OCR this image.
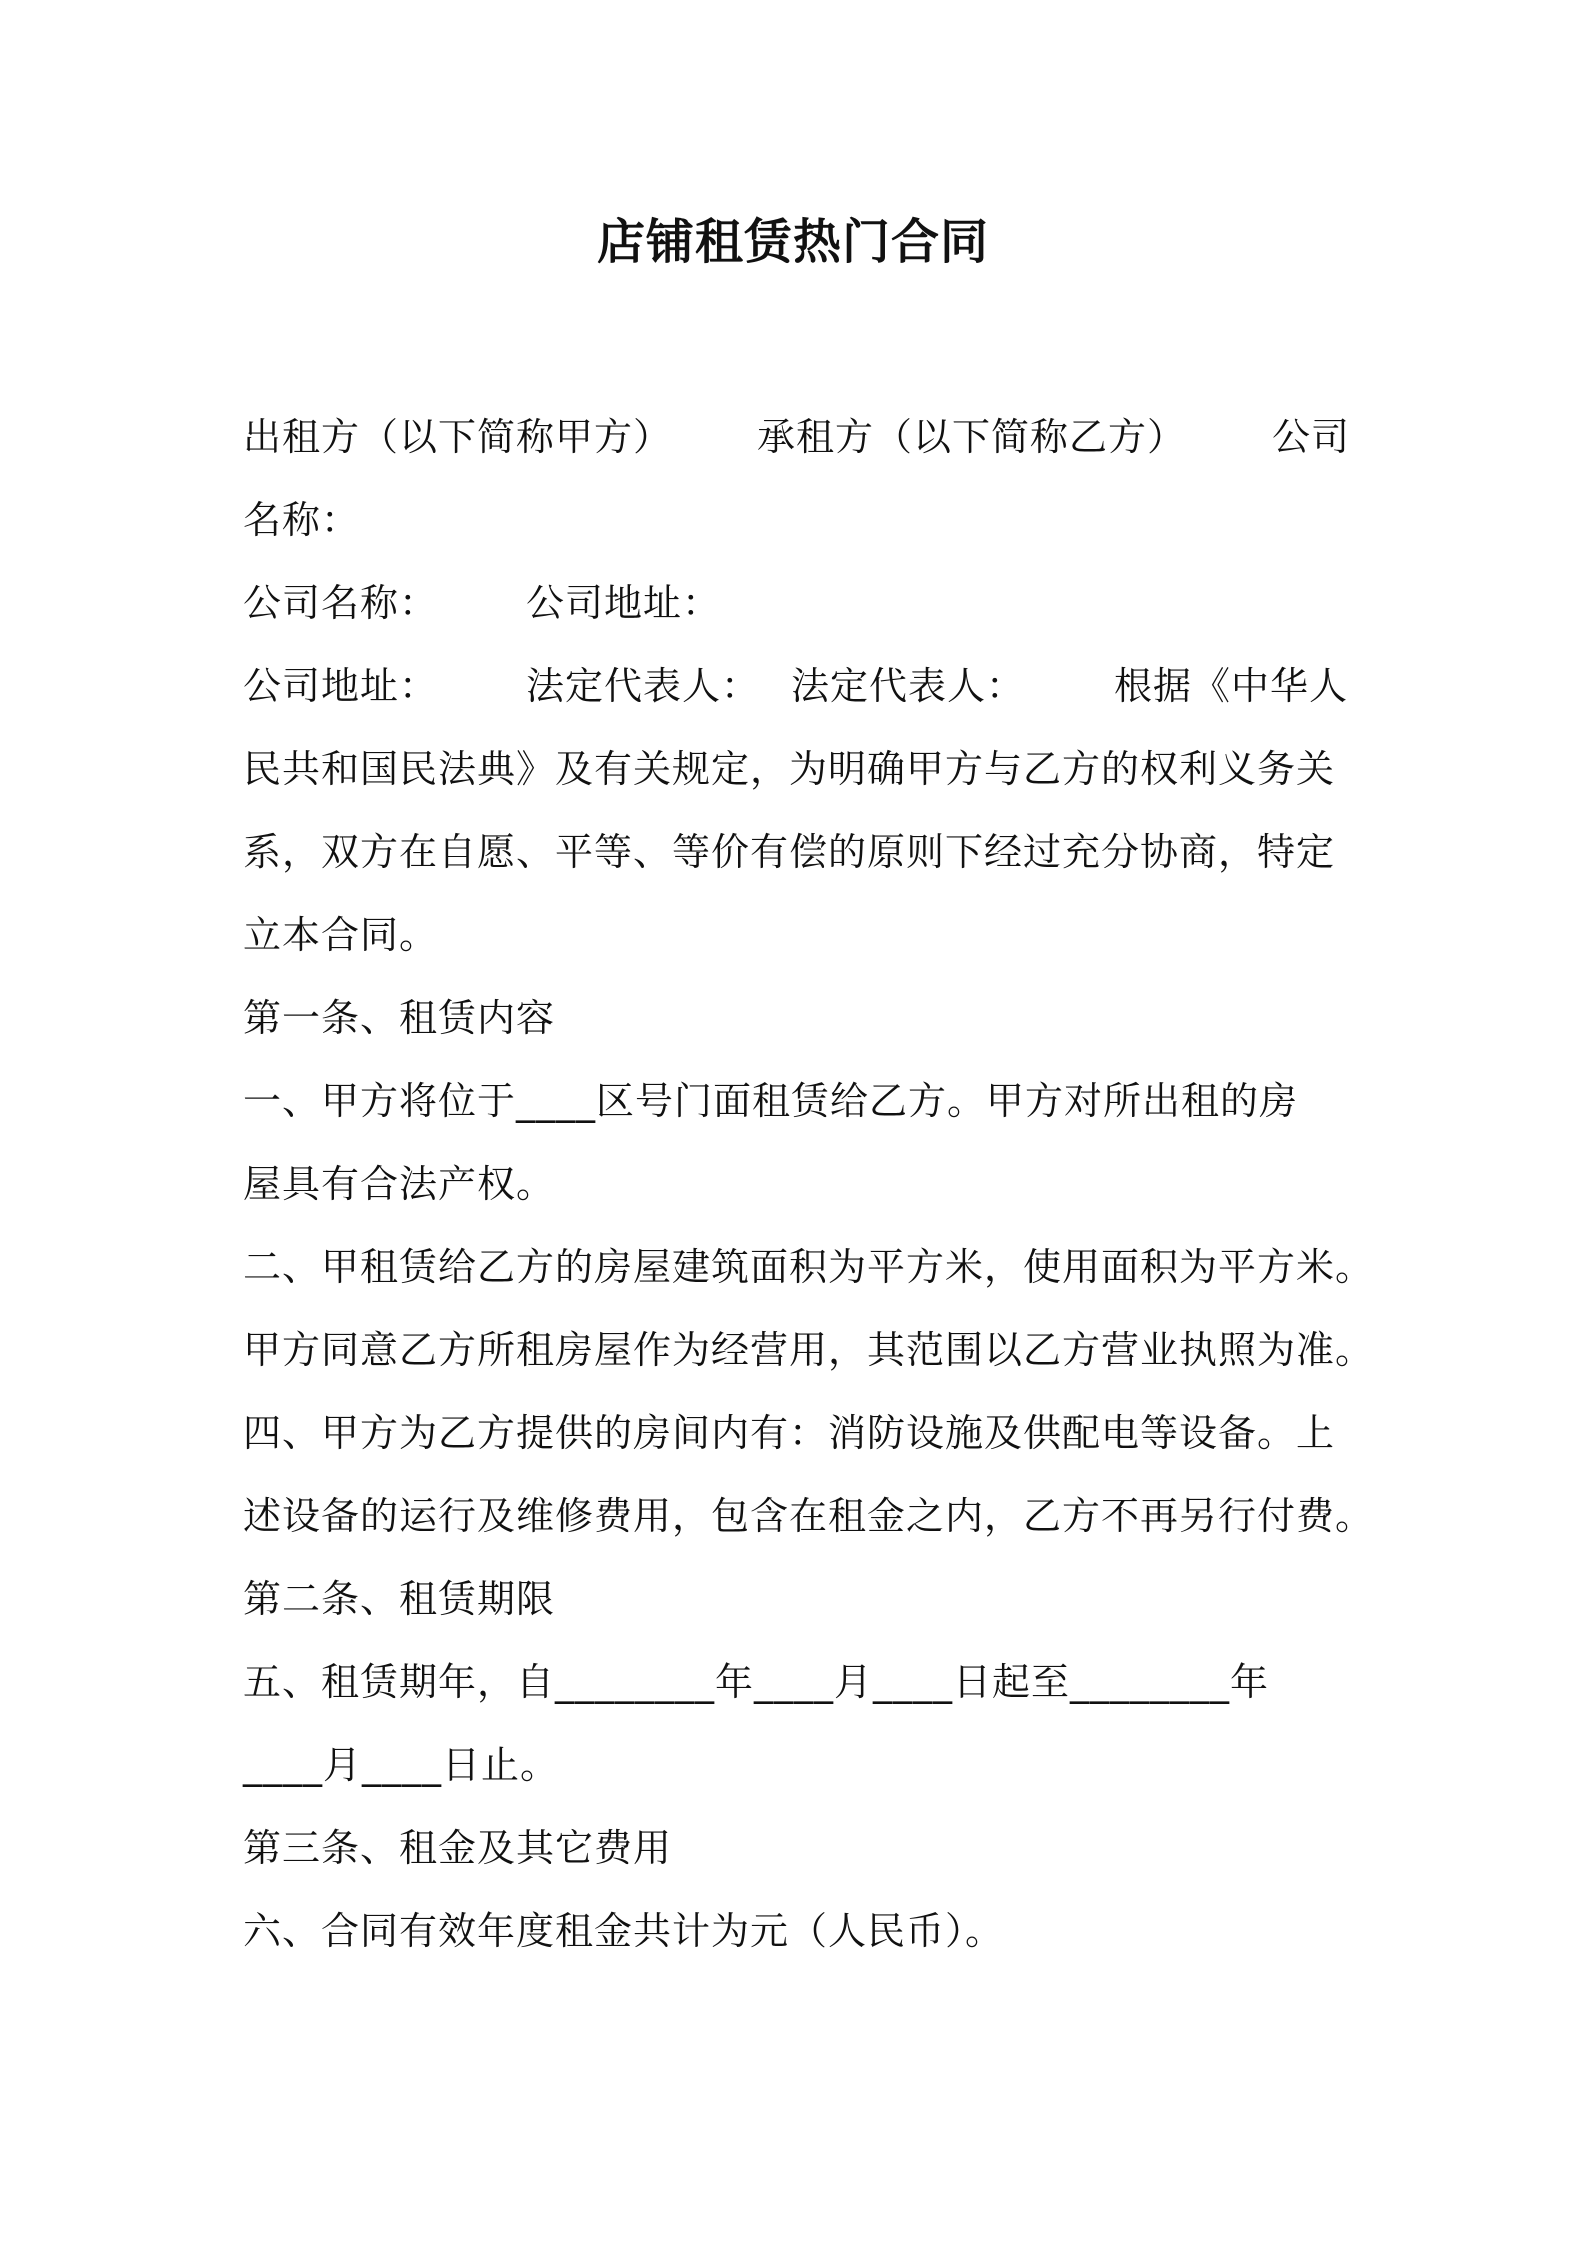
店铺租赁热门合同
出租方（以下简称甲方） 承租方（以下简称乙方） 公司
名称：
公司名称： 公司地址：
公司地址： 法定代表人： 法定代表人： 根据《中华人
民共和国民法典》及有关规定，为明确甲方与乙方的权利义务关
系，双方在自愿、平等、等价有偿的原则下经过充分协商，特定
立本合同。
第一条、租赁内容
一、甲方将位于____区号门面租赁给乙方。甲方对所出租的房
屋具有合法产权。
二、甲租赁给乙方的房屋建筑面积为平方米，使用面积为平方米。
甲方同意乙方所租房屋作为经营用，其范围以乙方营业执照为准。
四、甲方为乙方提供的房间内有：消防设施及供配电等设备。上
述设备的运行及维修费用，包含在租金之内，乙方不再另行付费。
第二条、租赁期限
五、租赁期年，自________年____月____日起至________年
____月____日止。
第三条、租金及其它费用
六、合同有效年度租金共计为元（人民币）。
